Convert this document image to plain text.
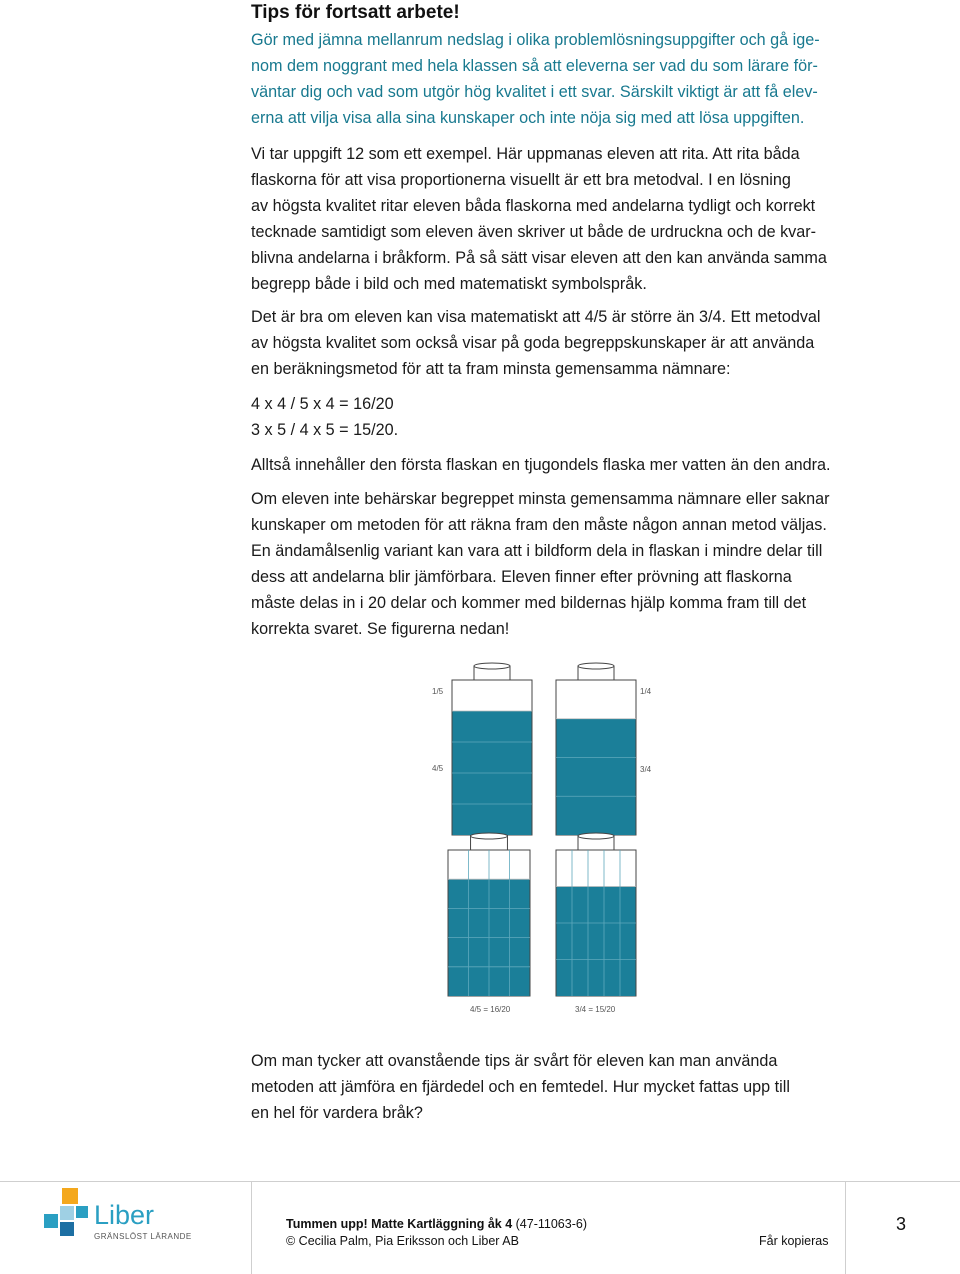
Tips för fortsatt arbete!
Gör med jämna mellanrum nedslag i olika problemlösningsuppgifter och gå ige-
nom dem noggrant med hela klassen så att eleverna ser vad du som lärare för-
väntar dig och vad som utgör hög kvalitet i ett svar. Särskilt viktigt är att få elev-
erna att vilja visa alla sina kunskaper och inte nöja sig med att lösa uppgiften.
Vi tar uppgift 12 som ett exempel. Här uppmanas eleven att rita. Att rita båda
flaskorna för att visa proportionerna visuellt är ett bra metodval. I en lösning
av högsta kvalitet ritar eleven båda flaskorna med andelarna tydligt och korrekt
tecknade samtidigt som eleven även skriver ut både de urdruckna och de kvar-
blivna andelarna i bråkform. På så sätt visar eleven att den kan använda samma
begrepp både i bild och med matematiskt symbolspråk.
Det är bra om eleven kan visa matematiskt att 4/5 är större än 3/4. Ett metodval
av högsta kvalitet som också visar på goda begreppskunskaper är att använda
en beräkningsmetod för att ta fram minsta gemensamma nämnare:
4 x 4 / 5 x 4 = 16/20
3 x 5 / 4 x 5 = 15/20.
Alltså innehåller den första flaskan en tjugondels flaska mer vatten än den andra.
Om eleven inte behärskar begreppet minsta gemensamma nämnare eller saknar
kunskaper om metoden för att räkna fram den måste någon annan metod väljas.
En ändamålsenlig variant kan vara att i bildform dela in flaskan i mindre delar till
dess att andelarna blir jämförbara. Eleven finner efter prövning att flaskorna
måste delas in i 20 delar och kommer med bildernas hjälp komma fram till det
korrekta svaret. Se figurerna nedan!
1/5
4/5
1/4
3/4
4/5 = 16/20	3/4 = 15/20
Om man tycker att ovanstående tips är svårt för eleven kan man använda
metoden att jämföra en fjärdedel och en femtedel. Hur mycket fattas upp till
en hel för vardera bråk?
Liber
GRÄNSLÖST LÄRANDE
Tummen upp! Matte Kartläggning åk 4 (47-11063-6)
© Cecilia Palm, Pia Eriksson och Liber AB	Får kopieras
3
